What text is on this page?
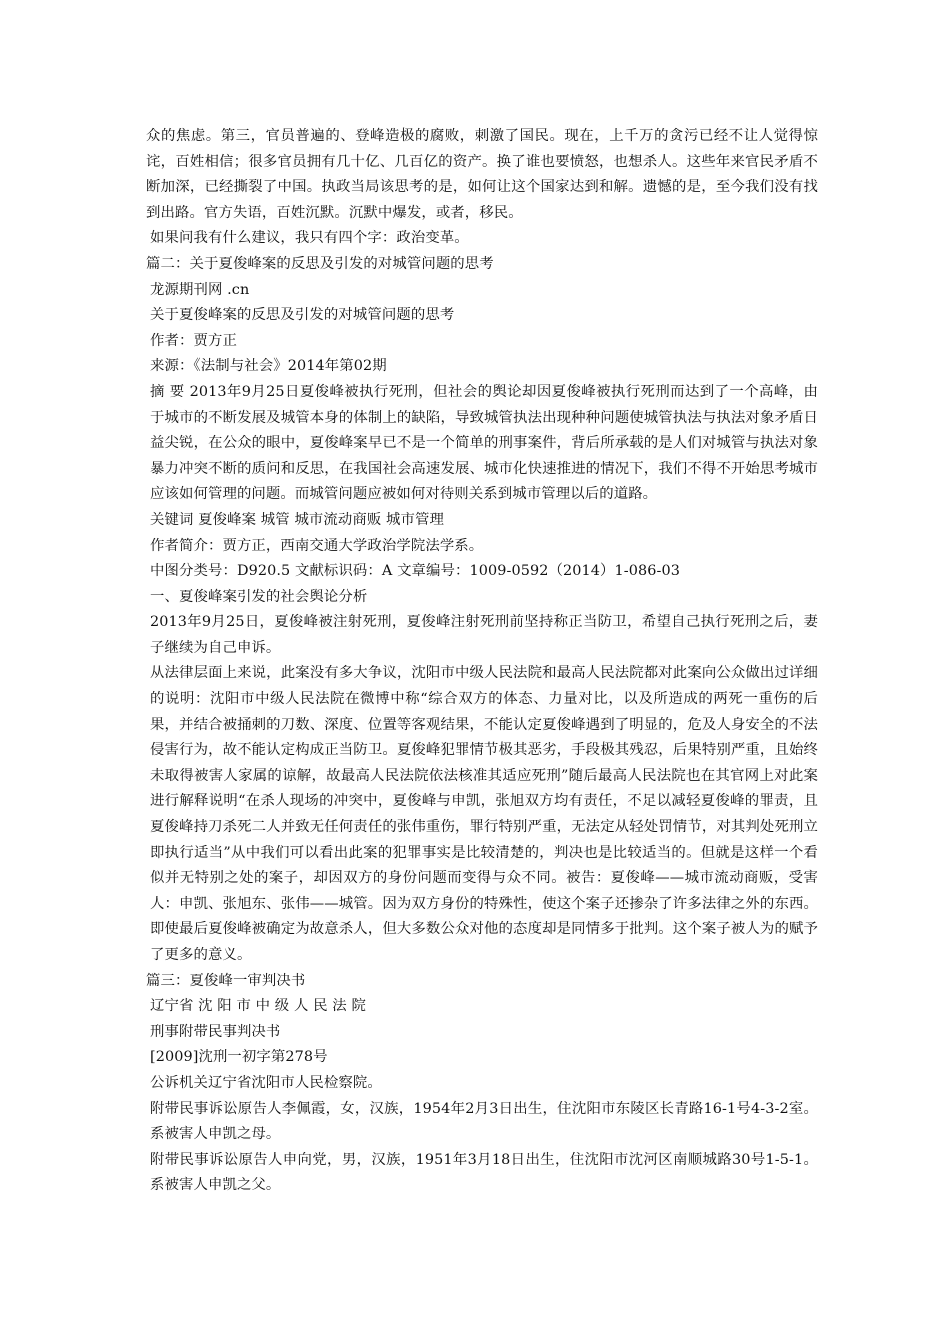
众的焦虑。第三，官员普遍的、登峰造极的腐败，刺激了国民。现在，上千万的贪污已经不让人觉得惊诧，百姓相信；很多官员拥有几十亿、几百亿的资产。换了谁也要愤怒，也想杀人。这些年来官民矛盾不断加深，已经撕裂了中国。执政当局该思考的是，如何让这个国家达到和解。遗憾的是，至今我们没有找到出路。官方失语，百姓沉默。沉默中爆发，或者，移民。

如果问我有什么建议，我只有四个字：政治变革。

篇二：关于夏俊峰案的反思及引发的对城管问题的思考

龙源期刊网 .cn

关于夏俊峰案的反思及引发的对城管问题的思考

作者：贾方正

来源：《法制与社会》2014年第02期

摘 要 2013年9月25日夏俊峰被执行死刑，但社会的舆论却因夏俊峰被执行死刑而达到了一个高峰，由于城市的不断发展及城管本身的体制上的缺陷，导致城管执法出现种种问题使城管执法与执法对象矛盾日益尖锐，在公众的眼中，夏俊峰案早已不是一个简单的刑事案件，背后所承载的是人们对城管与执法对象暴力冲突不断的质问和反思，在我国社会高速发展、城市化快速推进的情况下，我们不得不开始思考城市应该如何管理的问题。而城管问题应被如何对待则关系到城市管理以后的道路。

关键词 夏俊峰案 城管 城市流动商贩 城市管理

作者简介：贾方正，西南交通大学政治学院法学系。

中图分类号：D920.5 文献标识码：A 文章编号：1009-0592（2014）1-086-03

一、夏俊峰案引发的社会舆论分析

2013年9月25日，夏俊峰被注射死刑，夏俊峰注射死刑前坚持称正当防卫，希望自己执行死刑之后，妻子继续为自己申诉。

从法律层面上来说，此案没有多大争议，沈阳市中级人民法院和最高人民法院都对此案向公众做出过详细的说明：沈阳市中级人民法院在微博中称“综合双方的体态、力量对比，以及所造成的两死一重伤的后果，并结合被捅刺的刀数、深度、位置等客观结果，不能认定夏俊峰遇到了明显的，危及人身安全的不法侵害行为，故不能认定构成正当防卫。夏俊峰犯罪情节极其恶劣，手段极其残忍，后果特别严重，且始终未取得被害人家属的谅解，故最高人民法院依法核准其适应死刑”随后最高人民法院也在其官网上对此案进行解释说明“在杀人现场的冲突中，夏俊峰与申凯，张旭双方均有责任，不足以减轻夏俊峰的罪责，且夏俊峰持刀杀死二人并致无任何责任的张伟重伤，罪行特别严重，无法定从轻处罚情节，对其判处死刑立即执行适当”从中我们可以看出此案的犯罪事实是比较清楚的，判决也是比较适当的。但就是这样一个看似并无特别之处的案子，却因双方的身份问题而变得与众不同。被告：夏俊峰——城市流动商贩，受害人：申凯、张旭东、张伟——城管。因为双方身份的特殊性，使这个案子还掺杂了许多法律之外的东西。即使最后夏俊峰被确定为故意杀人，但大多数公众对他的态度却是同情多于批判。这个案子被人为的赋予了更多的意义。

篇三：夏俊峰一审判决书

辽宁省 沈 阳 市 中 级 人 民 法 院

刑事附带民事判决书

[2009]沈刑一初字第278号

公诉机关辽宁省沈阳市人民检察院。

附带民事诉讼原告人李佩霞，女，汉族，1954年2月3日出生，住沈阳市东陵区长青路16-1号4-3-2室。系被害人申凯之母。

附带民事诉讼原告人申向党，男，汉族，1951年3月18日出生，住沈阳市沈河区南顺城路30号1-5-1。系被害人申凯之父。
